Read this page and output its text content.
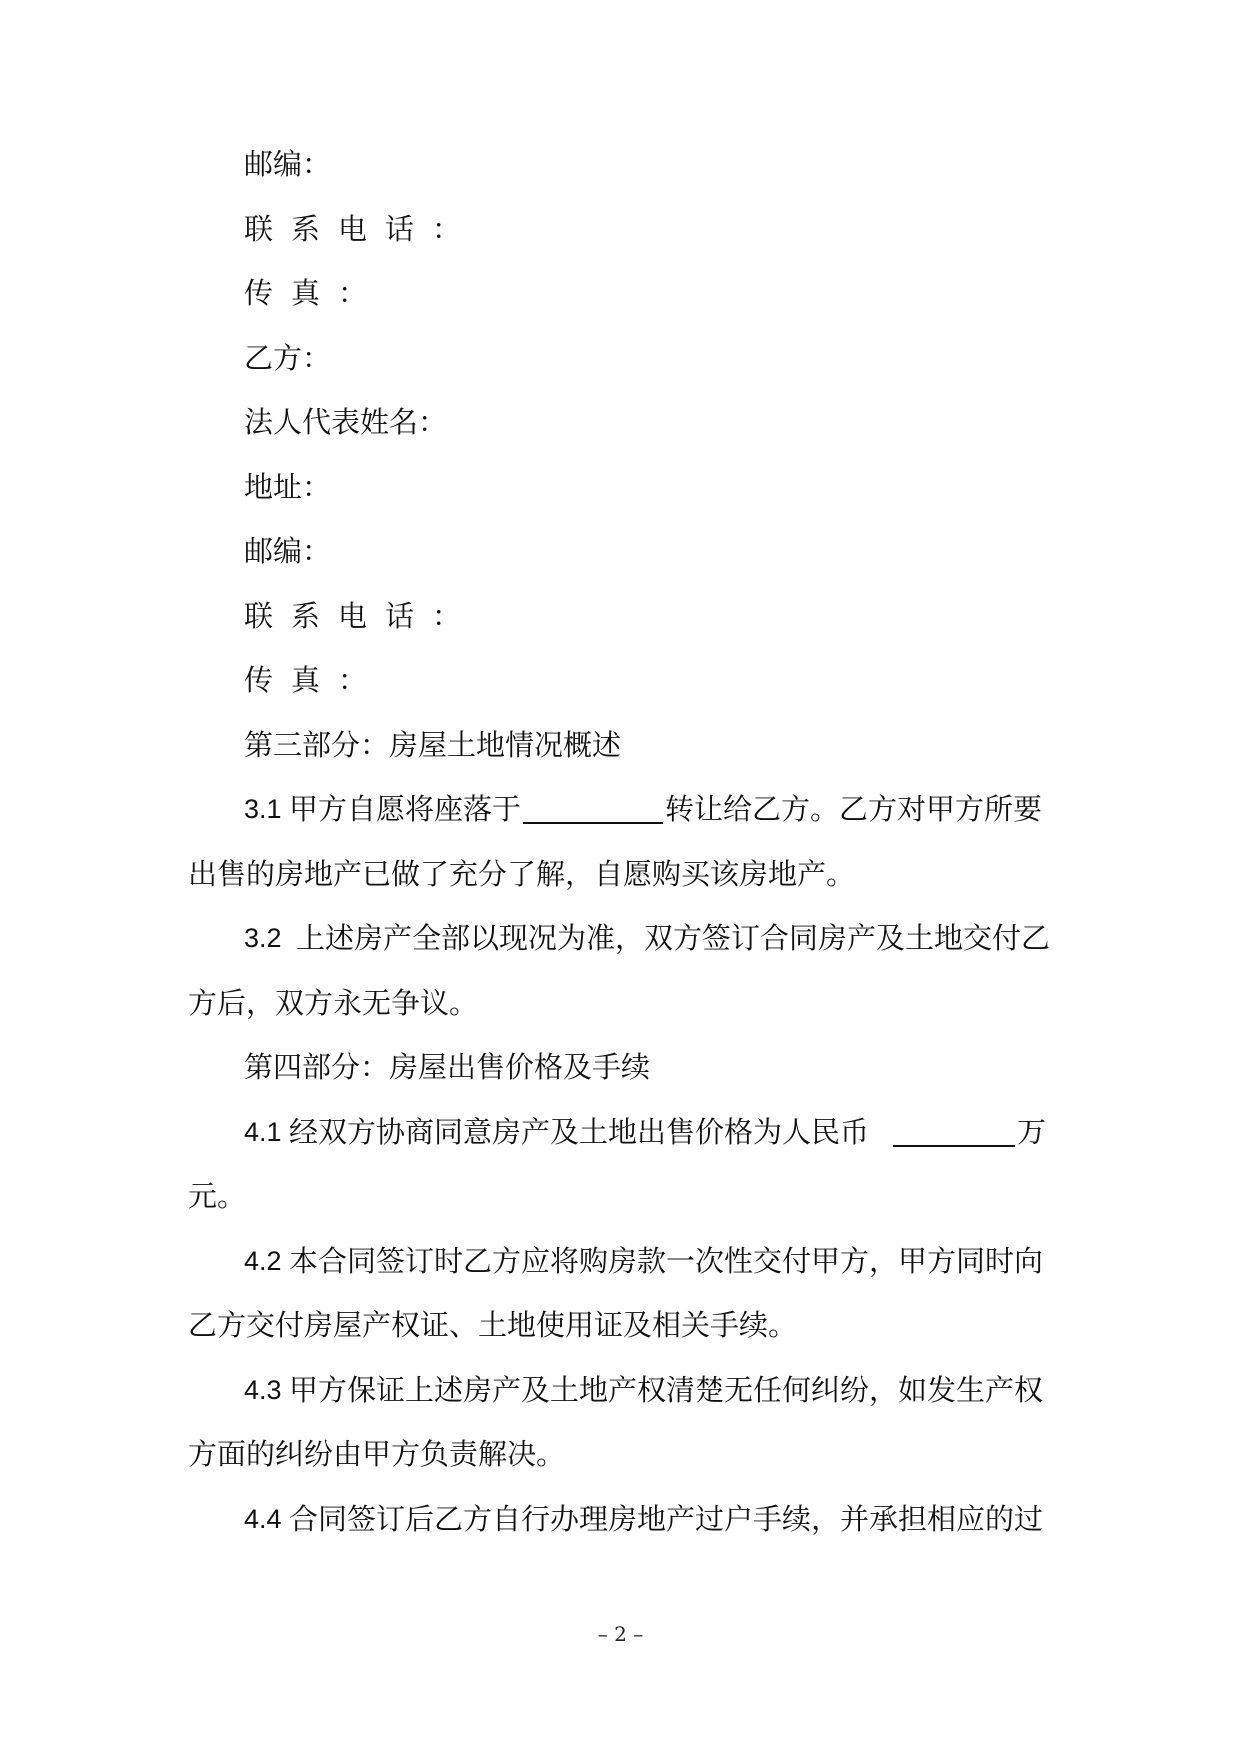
邮编：
联系电话：
传真：
乙方：
法人代表姓名：
地址：
邮编：
联系电话：
传真：
第三部分：房屋土地情况概述
3.1 甲方自愿将座落于	转让给乙方。乙方对甲方所要
出售的房地产已做了充分了解，自愿购买该房地产。
3.2 上述房产全部以现况为准，双方签订合同房产及土地交付乙
方后，双方永无争议。
第四部分：房屋出售价格及手续
4.1 经双方协商同意房产及土地出售价格为人民币	万
元。
4.2 本合同签订时乙方应将购房款一次性交付甲方，甲方同时向
乙方交付房屋产权证、土地使用证及相关手续。
4.3 甲方保证上述房产及土地产权清楚无任何纠纷，如发生产权
方面的纠纷由甲方负责解决。
4.4 合同签订后乙方自行办理房地产过户手续，并承担相应的过
– 2 –
